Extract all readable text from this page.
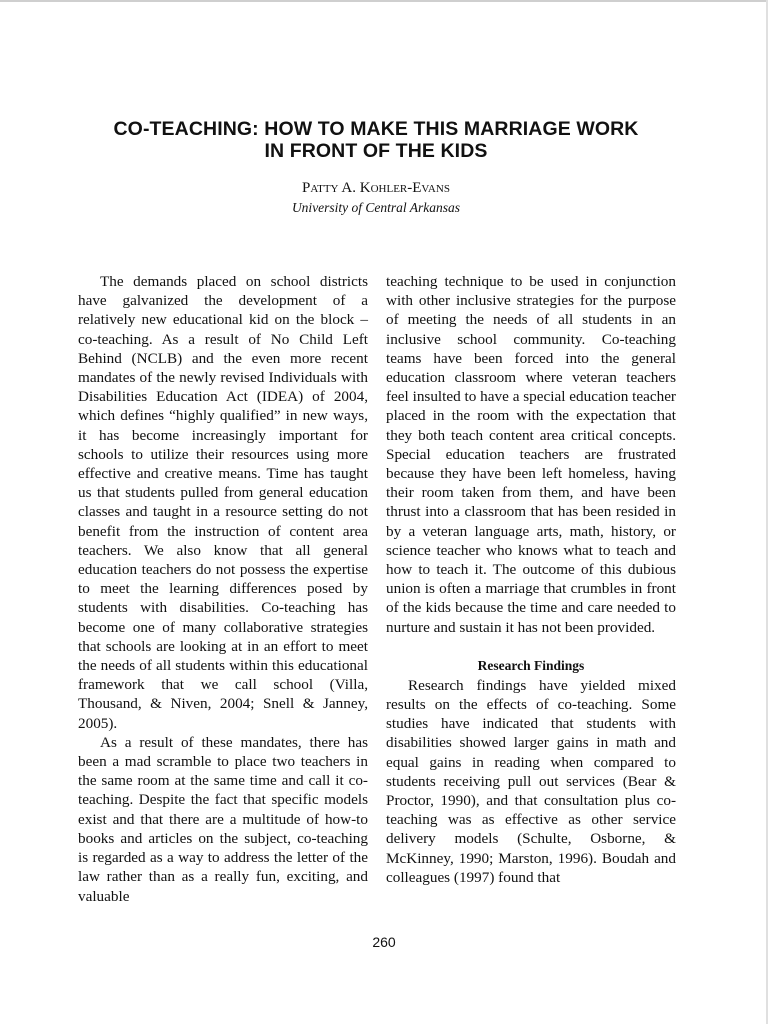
CO-TEACHING: HOW TO MAKE THIS MARRIAGE WORK
IN FRONT OF THE KIDS
Patty A. Kohler-Evans
University of Central Arkansas

The demands placed on school districts have galvanized the development of a relatively new educational kid on the block – co-teaching. As a result of No Child Left Behind (NCLB) and the even more recent mandates of the newly revised Individuals with Disabilities Education Act (IDEA) of 2004, which defines “highly qualified” in new ways, it has become increasingly important for schools to utilize their resources using more effective and creative means. Time has taught us that students pulled from general education classes and taught in a resource setting do not benefit from the instruction of content area teachers. We also know that all general education teachers do not possess the expertise to meet the learning differences posed by students with disabilities. Co-teaching has become one of many collaborative strategies that schools are looking at in an effort to meet the needs of all students within this educational framework that we call school (Villa, Thousand, & Niven, 2004; Snell & Janney, 2005).

As a result of these mandates, there has been a mad scramble to place two teachers in the same room at the same time and call it co-teaching. Despite the fact that specific models exist and that there are a multitude of how-to books and articles on the subject, co-teaching is regarded as a way to address the letter of the law rather than as a really fun, exciting, and valuable

teaching technique to be used in conjunction with other inclusive strategies for the purpose of meeting the needs of all students in an inclusive school community. Co-teaching teams have been forced into the general education classroom where veteran teachers feel insulted to have a special education teacher placed in the room with the expectation that they both teach content area critical concepts. Special education teachers are frustrated because they have been left homeless, having their room taken from them, and have been thrust into a classroom that has been resided in by a veteran language arts, math, history, or science teacher who knows what to teach and how to teach it. The outcome of this dubious union is often a marriage that crumbles in front of the kids because the time and care needed to nurture and sustain it has not been provided.

Research Findings

Research findings have yielded mixed results on the effects of co-teaching. Some studies have indicated that students with disabilities showed larger gains in math and equal gains in reading when compared to students receiving pull out services (Bear & Proctor, 1990), and that consultation plus co-teaching was as effective as other service delivery models (Schulte, Osborne, & McKinney, 1990; Marston, 1996). Boudah and colleagues (1997) found that

260
